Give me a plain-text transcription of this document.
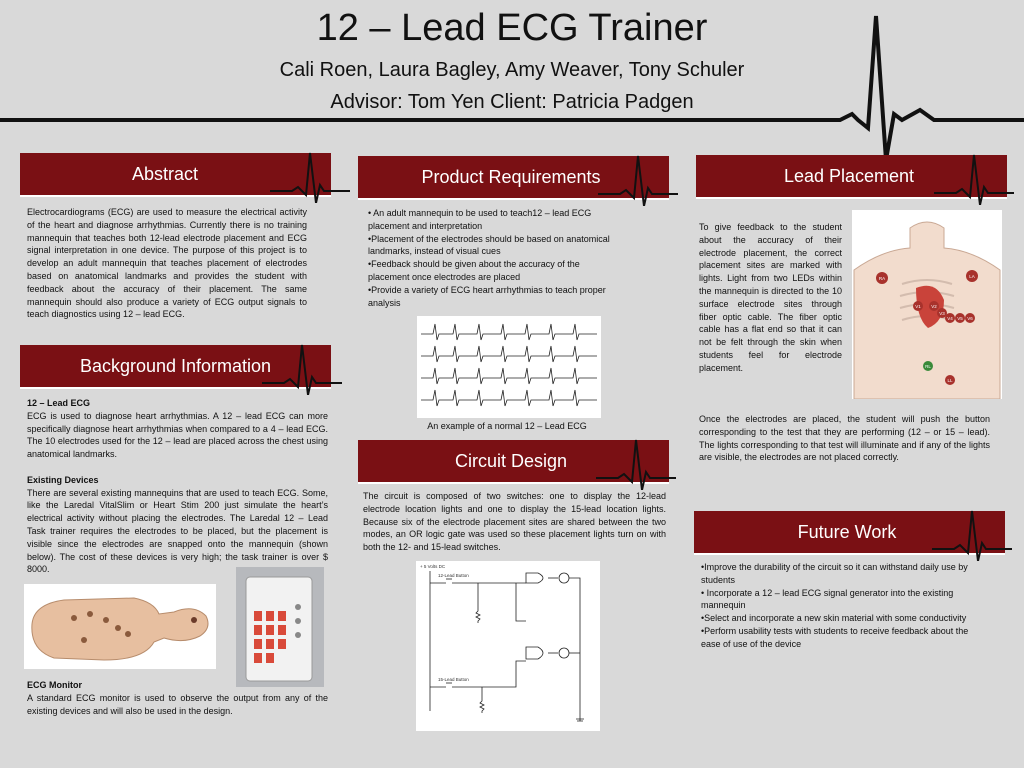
12 – Lead ECG Trainer
Cali Roen, Laura Bagley, Amy Weaver, Tony Schuler
Advisor: Tom Yen Client: Patricia Padgen
Abstract
Electrocardiograms (ECG) are used to measure the electrical activity of the heart and diagnose arrhythmias. Currently there is no training mannequin that teaches both 12-lead electrode placement and ECG signal interpretation in one device. The purpose of this project is to develop an adult mannequin that teaches placement of electrodes based on anatomical landmarks and provides the student with feedback about the accuracy of their placement. The same mannequin should also produce a variety of ECG output signals to teach diagnostics using 12 – lead ECG.
Background Information

12 – Lead ECG

ECG is used to diagnose heart arrhythmias. A 12 – lead ECG can more specifically diagnose heart arrhythmias when compared to a 4 – lead ECG. The 10 electrodes used for the 12 – lead are placed across the chest using anatomical landmarks.

Existing Devices

There are several existing mannequins that are used to teach ECG. Some, like the Laredal VitalSlim or Heart Stim 200 just simulate the heart’s electrical activity without placing the electrodes. The Laredal 12 – Lead Task trainer requires the electrodes to be placed, but the placement is visible since the electrodes are snapped onto the mannequin (shown below). The cost of these devices is very high; the task trainer is over $ 8000.

ECG Monitor

A standard ECG monitor is used to observe the output from any of the existing devices and will also be used in the design.

Product Requirements
• An adult mannequin to be used to teach12 – lead ECG placement and interpretation
•Placement of the electrodes should be based on anatomical landmarks, instead of visual cues
•Feedback should be given about the accuracy of the placement once electrodes are placed
•Provide a variety of ECG heart arrhythmias to teach proper analysis
An example of a normal 12 – Lead ECG
Circuit Design
The circuit is composed of two switches: one to display the 12-lead electrode location lights and one to display the 15-lead location lights. Because six of the electrode placement sites are shared between the two modes, an OR logic gate was used so these placement lights turn on with both the 12- and 15-lead switches.
+ 5 Volts DC
12-Lead Button
15-Lead Button
Lead Placement
To give feedback to the student about the accuracy of their electrode placement, the correct placement sites are marked with lights. Light from two LEDs within the mannequin is directed to the 10 surface electrode sites through fiber optic cable. The fiber optic cable has a flat end so that it can not be felt through the skin when students feel for electrode placement.
RA	LA
V1 V2
V3
V4 V5 V6
RL
LL
Once the electrodes are placed, the student will push the button corresponding to the test that they are performing (12 – or 15 – lead). The lights corresponding to that test will illuminate and if any of the lights are visible, the electrodes are not placed correctly.
Future Work
•Improve the durability of the circuit so it can withstand daily use by students
• Incorporate a 12 – lead ECG signal generator into the existing mannequin
•Select and incorporate a new skin material with some conductivity
•Perform usability tests with students to receive feedback about the ease of use of the device
